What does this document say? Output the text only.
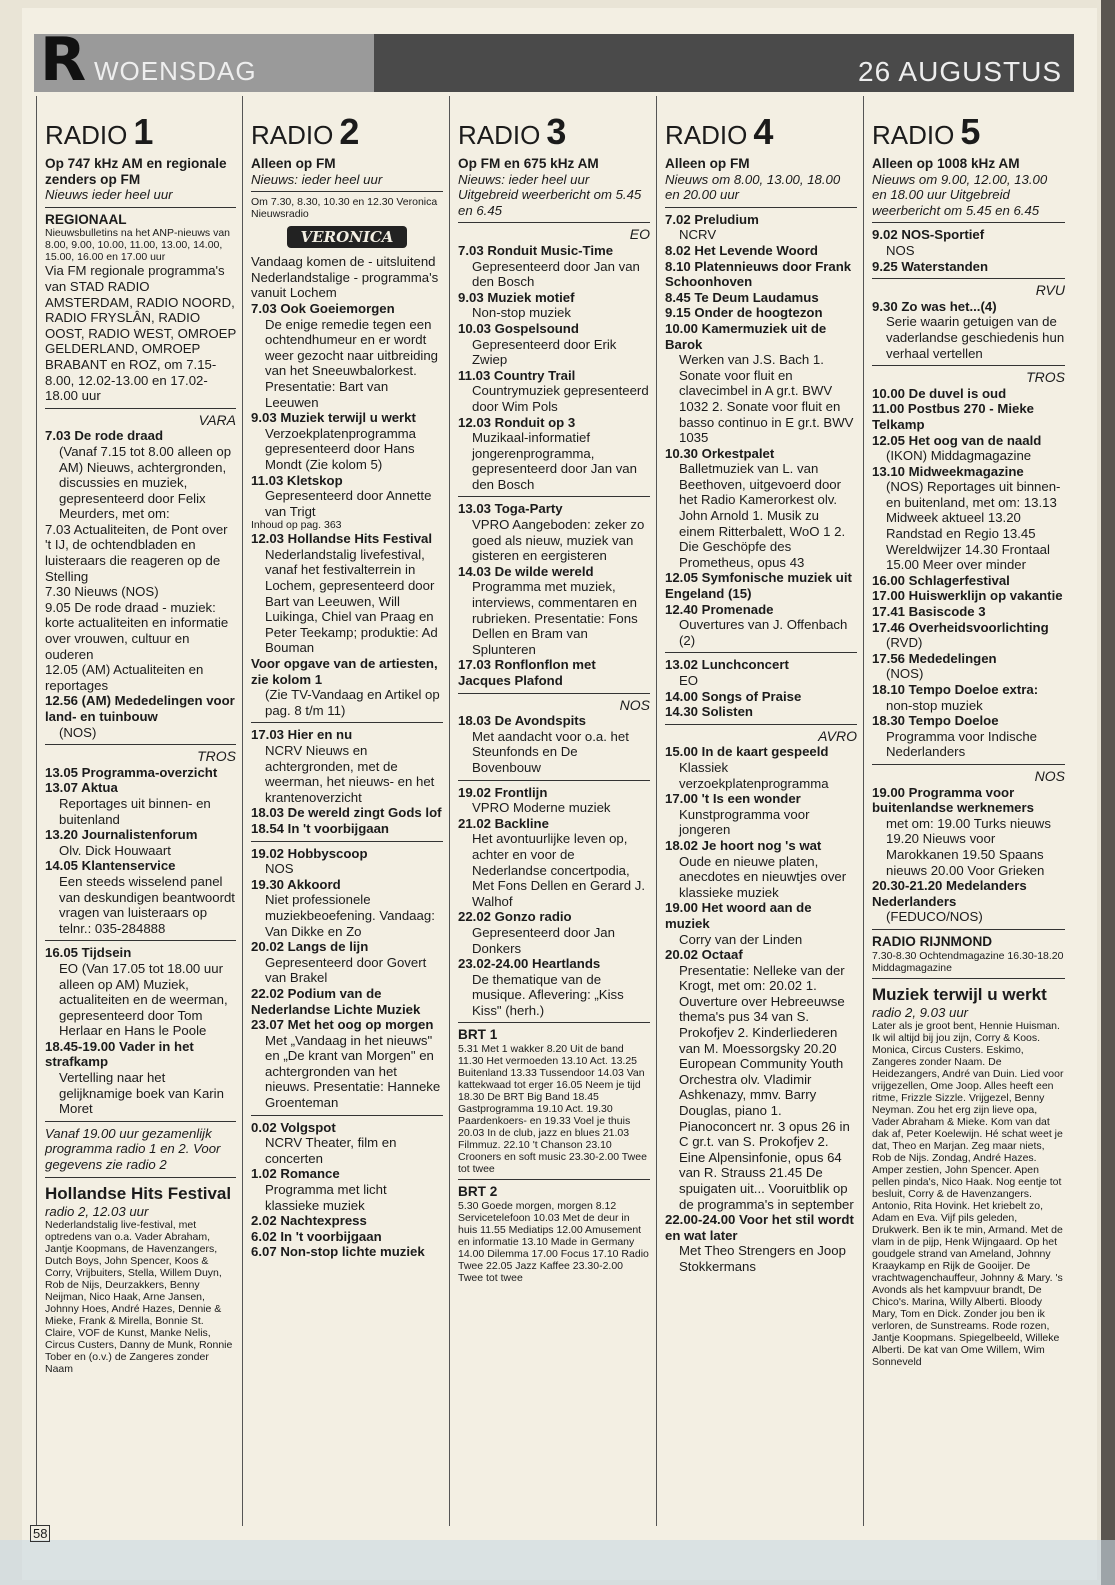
R WOENSDAG	26 AUGUSTUS
RADIO 1
Op 747 kHz AM en regionale zenders op FM
Nieuws ieder heel uur
REGIONAAL
Nieuwsbulletins na het ANP-nieuws van 8.00, 9.00, 10.00, 11.00, 13.00, 14.00, 15.00, 16.00 en 17.00 uur
Via FM regionale programma's van STAD RADIO AMSTERDAM, RADIO NOORD, RADIO FRYSLÂN, RADIO OOST, RADIO WEST, OMROEP GELDERLAND, OMROEP BRABANT en ROZ, om 7.15-8.00, 12.02-13.00 en 17.02-18.00 uur
VARA
7.03 De rode draad
(Vanaf 7.15 tot 8.00 alleen op AM) Nieuws, achtergronden, discussies en muziek, gepresenteerd door Felix Meurders, met om:
7.03 Actualiteiten, de Pont over 't IJ, de ochtendbladen en luisteraars die reageren op de Stelling
7.30 Nieuws (NOS)
9.05 De rode draad - muziek: korte actualiteiten en informatie over vrouwen, cultuur en ouderen
12.05 (AM) Actualiteiten en reportages
12.56 (AM) Mededelingen voor land- en tuinbouw
(NOS)
TROS
13.05 Programma-overzicht
13.07 Aktua
Reportages uit binnen- en buitenland
13.20 Journalistenforum
Olv. Dick Houwaart
14.05 Klantenservice
Een steeds wisselend panel van deskundigen beantwoordt vragen van luisteraars op telnr.: 035-284888
16.05 Tijdsein
EO (Van 17.05 tot 18.00 uur alleen op AM) Muziek, actualiteiten en de weerman, gepresenteerd door Tom Herlaar en Hans le Poole
18.45-19.00 Vader in het strafkamp
Vertelling naar het gelijknamige boek van Karin Moret
Vanaf 19.00 uur gezamenlijk programma radio 1 en 2. Voor gegevens zie radio 2
Hollandse Hits Festival
radio 2, 12.03 uur
Nederlandstalig live-festival, met optredens van o.a. Vader Abraham, Jantje Koopmans, de Havenzangers, Dutch Boys, John Spencer, Koos & Corry, Vrijbuiters, Stella, Willem Duyn, Rob de Nijs, Deurzakkers, Benny Neijman, Nico Haak, Arne Jansen, Johnny Hoes, André Hazes, Dennie & Mieke, Frank & Mirella, Bonnie St. Claire, VOF de Kunst, Manke Nelis, Circus Custers, Danny de Munk, Ronnie Tober en (o.v.) de Zangeres zonder Naam
RADIO 2
Alleen op FM
Nieuws: ieder heel uur
Om 7.30, 8.30, 10.30 en 12.30 Veronica Nieuwsradio
VERONICA
Vandaag komen de - uitsluitend Nederlandstalige - programma's vanuit Lochem
7.03 Ook Goeiemorgen
De enige remedie tegen een ochtendhumeur en er wordt weer gezocht naar uitbreiding van het Sneeuwbalorkest. Presentatie: Bart van Leeuwen
9.03 Muziek terwijl u werkt
Verzoekplatenprogramma gepresenteerd door Hans Mondt (Zie kolom 5)
11.03 Kletskop
Gepresenteerd door Annette van Trigt
Inhoud op pag. 363
12.03 Hollandse Hits Festival
Nederlandstalig livefestival, vanaf het festivalterrein in Lochem, gepresenteerd door Bart van Leeuwen, Will Luikinga, Chiel van Praag en Peter Teekamp; produktie: Ad Bouman
Voor opgave van de artiesten, zie kolom 1
(Zie TV-Vandaag en Artikel op pag. 8 t/m 11)
17.03 Hier en nu
NCRV Nieuws en achtergronden, met de weerman, het nieuws- en het krantenoverzicht
18.03 De wereld zingt Gods lof
18.54 In 't voorbijgaan
19.02 Hobbyscoop
NOS
19.30 Akkoord
Niet professionele muziekbeoefening. Vandaag: Van Dikke en Zo
20.02 Langs de lijn
Gepresenteerd door Govert van Brakel
22.02 Podium van de Nederlandse Lichte Muziek
23.07 Met het oog op morgen
Met „Vandaag in het nieuws" en „De krant van Morgen" en achtergronden van het nieuws. Presentatie: Hanneke Groenteman
0.02 Volgspot
NCRV Theater, film en concerten
1.02 Romance
Programma met licht klassieke muziek
2.02 Nachtexpress
6.02 In 't voorbijgaan
6.07 Non-stop lichte muziek
RADIO 3
Op FM en 675 kHz AM
Nieuws: ieder heel uur Uitgebreid weerbericht om 5.45 en 6.45
EO
7.03 Ronduit Music-Time
Gepresenteerd door Jan van den Bosch
9.03 Muziek motief
Non-stop muziek
10.03 Gospelsound
Gepresenteerd door Erik Zwiep
11.03 Country Trail
Countrymuziek gepresenteerd door Wim Pols
12.03 Ronduit op 3
Muzikaal-informatief jongerenprogramma, gepresenteerd door Jan van den Bosch
13.03 Toga-Party
VPRO Aangeboden: zeker zo goed als nieuw, muziek van gisteren en eergisteren
14.03 De wilde wereld
Programma met muziek, interviews, commentaren en rubrieken. Presentatie: Fons Dellen en Bram van Splunteren
17.03 Ronflonflon met Jacques Plafond
NOS
18.03 De Avondspits
Met aandacht voor o.a. het Steunfonds en De Bovenbouw
19.02 Frontlijn
VPRO Moderne muziek
21.02 Backline
Het avontuurlijke leven op, achter en voor de Nederlandse concertpodia, Met Fons Dellen en Gerard J. Walhof
22.02 Gonzo radio
Gepresenteerd door Jan Donkers
23.02-24.00 Heartlands
De thematique van de musique. Aflevering: „Kiss Kiss" (herh.)
BRT 1
5.31 Met 1 wakker 8.20 Uit de band 11.30 Het vermoeden 13.10 Act. 13.25 Buitenland 13.33 Tussendoor 14.03 Van kattekwaad tot erger 16.05 Neem je tijd 18.30 De BRT Big Band 18.45 Gastprogramma 19.10 Act. 19.30 Paardenkoers- en 19.33 Voel je thuis 20.03 In de club, jazz en blues 21.03 Filmmuz. 22.10 't Chanson 23.10 Crooners en soft music 23.30-2.00 Twee tot twee
BRT 2
5.30 Goede morgen, morgen 8.12 Servicetelefoon 10.03 Met de deur in huis 11.55 Mediatips 12.00 Amusement en informatie 13.10 Made in Germany 14.00 Dilemma 17.00 Focus 17.10 Radio Twee 22.05 Jazz Kaffee 23.30-2.00 Twee tot twee
RADIO 4
Alleen op FM
Nieuws om 8.00, 13.00, 18.00 en 20.00 uur
7.02 Preludium
NCRV
8.02 Het Levende Woord
8.10 Platennieuws door Frank Schoonhoven
8.45 Te Deum Laudamus
9.15 Onder de hoogtezon
10.00 Kamermuziek uit de Barok
Werken van J.S. Bach 1. Sonate voor fluit en clavecimbel in A gr.t. BWV 1032 2. Sonate voor fluit en basso continuo in E gr.t. BWV 1035
10.30 Orkestpalet
Balletmuziek van L. van Beethoven, uitgevoerd door het Radio Kamerorkest olv. John Arnold 1. Musik zu einem Ritterbalett, WoO 1 2. Die Geschöpfe des Prometheus, opus 43
12.05 Symfonische muziek uit Engeland (15)
12.40 Promenade
Ouvertures van J. Offenbach (2)
13.02 Lunchconcert
EO
14.00 Songs of Praise
14.30 Solisten
AVRO
15.00 In de kaart gespeeld
Klassiek verzoekplatenprogramma
17.00 't Is een wonder
Kunstprogramma voor jongeren
18.02 Je hoort nog 's wat
Oude en nieuwe platen, anecdotes en nieuwtjes over klassieke muziek
19.00 Het woord aan de muziek
Corry van der Linden
20.02 Octaaf
Presentatie: Nelleke van der Krogt, met om: 20.02 1. Ouverture over Hebreeuwse thema's pus 34 van S. Prokofjev 2. Kinderliederen van M. Moessorgsky 20.20 European Community Youth Orchestra olv. Vladimir Ashkenazy, mmv. Barry Douglas, piano 1. Pianoconcert nr. 3 opus 26 in C gr.t. van S. Prokofjev 2. Eine Alpensinfonie, opus 64 van R. Strauss 21.45 De spuigaten uit... Vooruitblik op de programma's in september
22.00-24.00 Voor het stil wordt en wat later
Met Theo Strengers en Joop Stokkermans
RADIO 5
Alleen op 1008 kHz AM
Nieuws om 9.00, 12.00, 13.00 en 18.00 uur Uitgebreid weerbericht om 5.45 en 6.45
9.02 NOS-Sportief
NOS
9.25 Waterstanden
RVU
9.30 Zo was het...(4)
Serie waarin getuigen van de vaderlandse geschiedenis hun verhaal vertellen
TROS
10.00 De duvel is oud
11.00 Postbus 270 - Mieke Telkamp
12.05 Het oog van de naald
(IKON) Middagmagazine
13.10 Midweekmagazine
(NOS) Reportages uit binnen- en buitenland, met om: 13.13 Midweek aktueel 13.20 Randstad en Regio 13.45 Wereldwijzer 14.30 Frontaal 15.00 Meer over minder
16.00 Schlagerfestival
17.00 Huiswerklijn op vakantie
17.41 Basiscode 3
17.46 Overheidsvoorlichting
(RVD)
17.56 Mededelingen
(NOS)
18.10 Tempo Doeloe extra:
non-stop muziek
18.30 Tempo Doeloe
Programma voor Indische Nederlanders
NOS
19.00 Programma voor buitenlandse werknemers
met om: 19.00 Turks nieuws 19.20 Nieuws voor Marokkanen 19.50 Spaans nieuws 20.00 Voor Grieken
20.30-21.20 Medelanders Nederlanders
(FEDUCO/NOS)
RADIO RIJNMOND
7.30-8.30 Ochtendmagazine 16.30-18.20 Middagmagazine
Muziek terwijl u werkt
radio 2, 9.03 uur
Later als je groot bent, Hennie Huisman. Ik wil altijd bij jou zijn, Corry & Koos. Monica, Circus Custers. Eskimo, Zangeres zonder Naam. De Heidezangers, André van Duin. Lied voor vrijgezellen, Ome Joop. Alles heeft een ritme, Frizzle Sizzle. Vrijgezel, Benny Neyman. Zou het erg zijn lieve opa, Vader Abraham & Mieke. Kom van dat dak af, Peter Koelewijn. Hé schat weet je dat, Theo en Marjan. Zeg maar niets, Rob de Nijs. Zondag, André Hazes. Amper zestien, John Spencer. Apen pellen pinda's, Nico Haak. Nog eentje tot besluit, Corry & de Havenzangers. Antonio, Rita Hovink. Het kriebelt zo, Adam en Eva. Vijf pils geleden, Drukwerk. Ben ik te min, Armand. Met de vlam in de pijp, Henk Wijngaard. Op het goudgele strand van Ameland, Johnny Kraaykamp en Rijk de Gooijer. De vrachtwagenchauffeur, Johnny & Mary. 's Avonds als het kampvuur brandt, De Chico's. Marina, Willy Alberti. Bloody Mary, Tom en Dick. Zonder jou ben ik verloren, de Sunstreams. Rode rozen, Jantje Koopmans. Spiegelbeeld, Willeke Alberti. De kat van Ome Willem, Wim Sonneveld
58
